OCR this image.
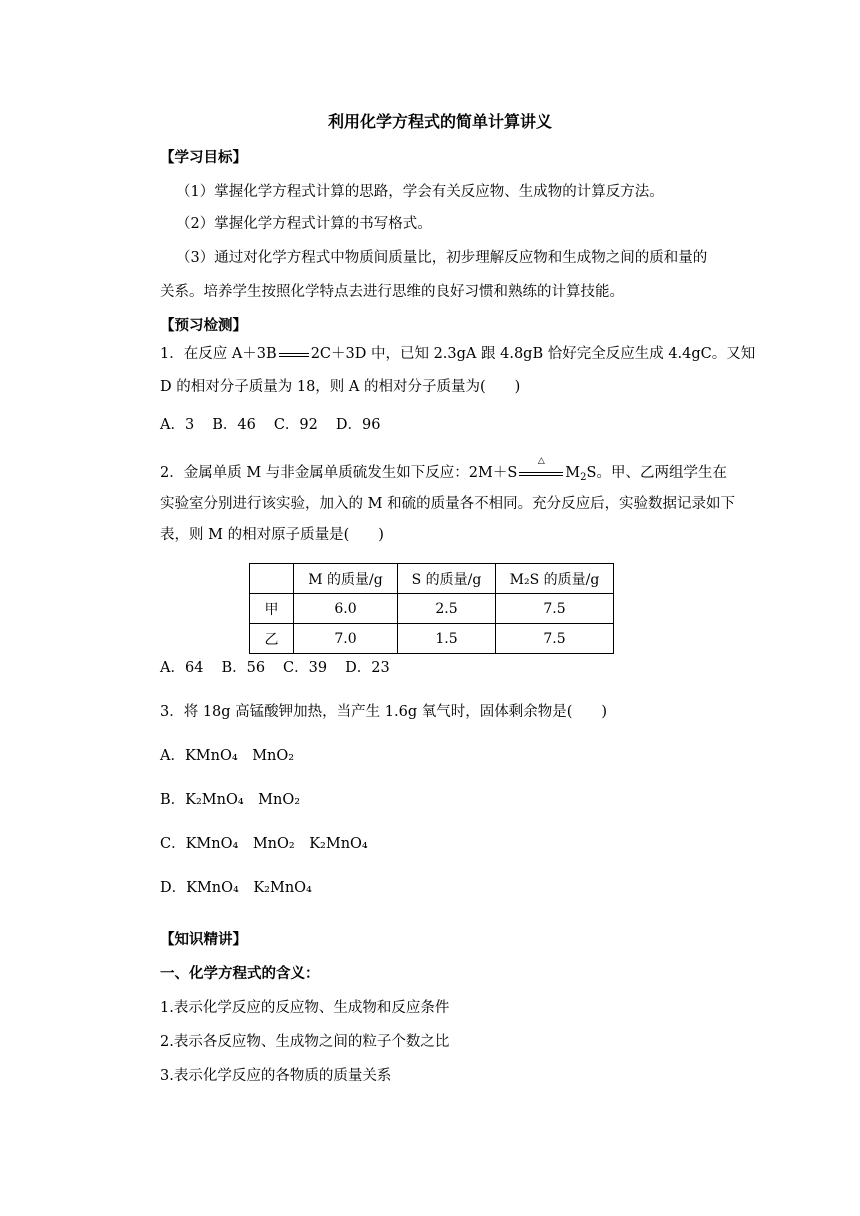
利用化学方程式的简单计算讲义
【学习目标】
（1）掌握化学方程式计算的思路，学会有关反应物、生成物的计算反方法。
（2）掌握化学方程式计算的书写格式。
（3）通过对化学方程式中物质间质量比，初步理解反应物和生成物之间的质和量的
关系。培养学生按照化学特点去进行思维的良好习惯和熟练的计算技能。
【预习检测】
1．在反应 A＋3B 2C＋3D 中，已知 2.3gA 跟 4.8gB 恰好完全反应生成 4.4gC。又知
D 的相对分子质量为 18，则 A 的相对分子质量为(　　)
A．3 B．46 C．92 D．96
2．金属单质 M 与非金属单质硫发生如下反应：2M＋S
△
$M_2S$。甲、乙两组学生在
实验室分别进行该实验，加入的 M 和硫的质量各不相同。充分反应后，实验数据记录如下
表，则 M 的相对原子质量是(　　)
	M 的质量/g	S 的质量/g	M₂S 的质量/g
甲	6.0	2.5	7.5
乙	7.0	1.5	7.5
A．64 B．56 C．39 D．23
3．将 18g 高锰酸钾加热，当产生 1.6g 氧气时，固体剩余物是(　　)
A．KMnO₄　MnO₂
B．K₂MnO₄　MnO₂
C．KMnO₄　MnO₂　K₂MnO₄
D．KMnO₄　K₂MnO₄
【知识精讲】
一、化学方程式的含义：
1.表示化学反应的反应物、生成物和反应条件
2.表示各反应物、生成物之间的粒子个数之比
3.表示化学反应的各物质的质量关系
